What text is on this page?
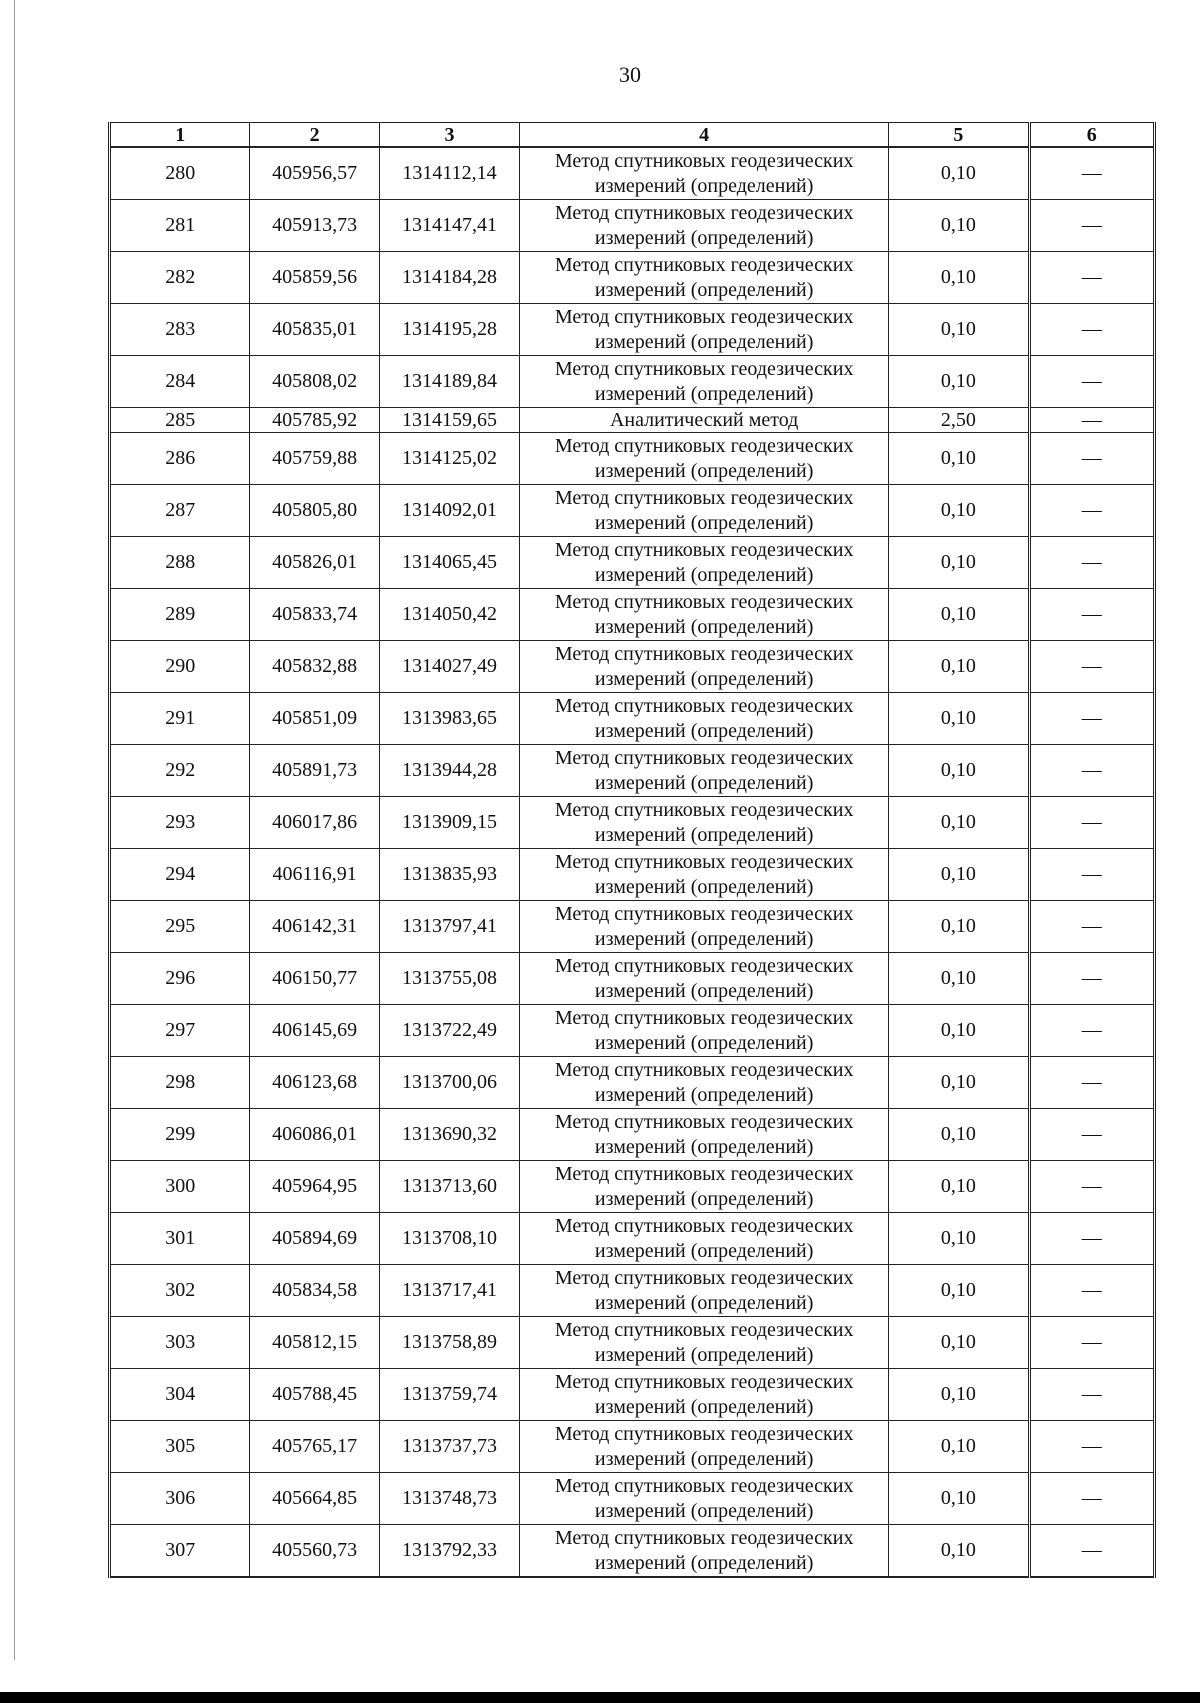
30
1	2	3	4	5	6
280	405956,57	1314112,14	Метод спутниковых геодезических
измерений (определений)	0,10	—
281	405913,73	1314147,41	Метод спутниковых геодезических
измерений (определений)	0,10	—
282	405859,56	1314184,28	Метод спутниковых геодезических
измерений (определений)	0,10	—
283	405835,01	1314195,28	Метод спутниковых геодезических
измерений (определений)	0,10	—
284	405808,02	1314189,84	Метод спутниковых геодезических
измерений (определений)	0,10	—
285	405785,92	1314159,65	Аналитический метод	2,50	—
286	405759,88	1314125,02	Метод спутниковых геодезических
измерений (определений)	0,10	—
287	405805,80	1314092,01	Метод спутниковых геодезических
измерений (определений)	0,10	—
288	405826,01	1314065,45	Метод спутниковых геодезических
измерений (определений)	0,10	—
289	405833,74	1314050,42	Метод спутниковых геодезических
измерений (определений)	0,10	—
290	405832,88	1314027,49	Метод спутниковых геодезических
измерений (определений)	0,10	—
291	405851,09	1313983,65	Метод спутниковых геодезических
измерений (определений)	0,10	—
292	405891,73	1313944,28	Метод спутниковых геодезических
измерений (определений)	0,10	—
293	406017,86	1313909,15	Метод спутниковых геодезических
измерений (определений)	0,10	—
294	406116,91	1313835,93	Метод спутниковых геодезических
измерений (определений)	0,10	—
295	406142,31	1313797,41	Метод спутниковых геодезических
измерений (определений)	0,10	—
296	406150,77	1313755,08	Метод спутниковых геодезических
измерений (определений)	0,10	—
297	406145,69	1313722,49	Метод спутниковых геодезических
измерений (определений)	0,10	—
298	406123,68	1313700,06	Метод спутниковых геодезических
измерений (определений)	0,10	—
299	406086,01	1313690,32	Метод спутниковых геодезических
измерений (определений)	0,10	—
300	405964,95	1313713,60	Метод спутниковых геодезических
измерений (определений)	0,10	—
301	405894,69	1313708,10	Метод спутниковых геодезических
измерений (определений)	0,10	—
302	405834,58	1313717,41	Метод спутниковых геодезических
измерений (определений)	0,10	—
303	405812,15	1313758,89	Метод спутниковых геодезических
измерений (определений)	0,10	—
304	405788,45	1313759,74	Метод спутниковых геодезических
измерений (определений)	0,10	—
305	405765,17	1313737,73	Метод спутниковых геодезических
измерений (определений)	0,10	—
306	405664,85	1313748,73	Метод спутниковых геодезических
измерений (определений)	0,10	—
307	405560,73	1313792,33	Метод спутниковых геодезических
измерений (определений)	0,10	—
